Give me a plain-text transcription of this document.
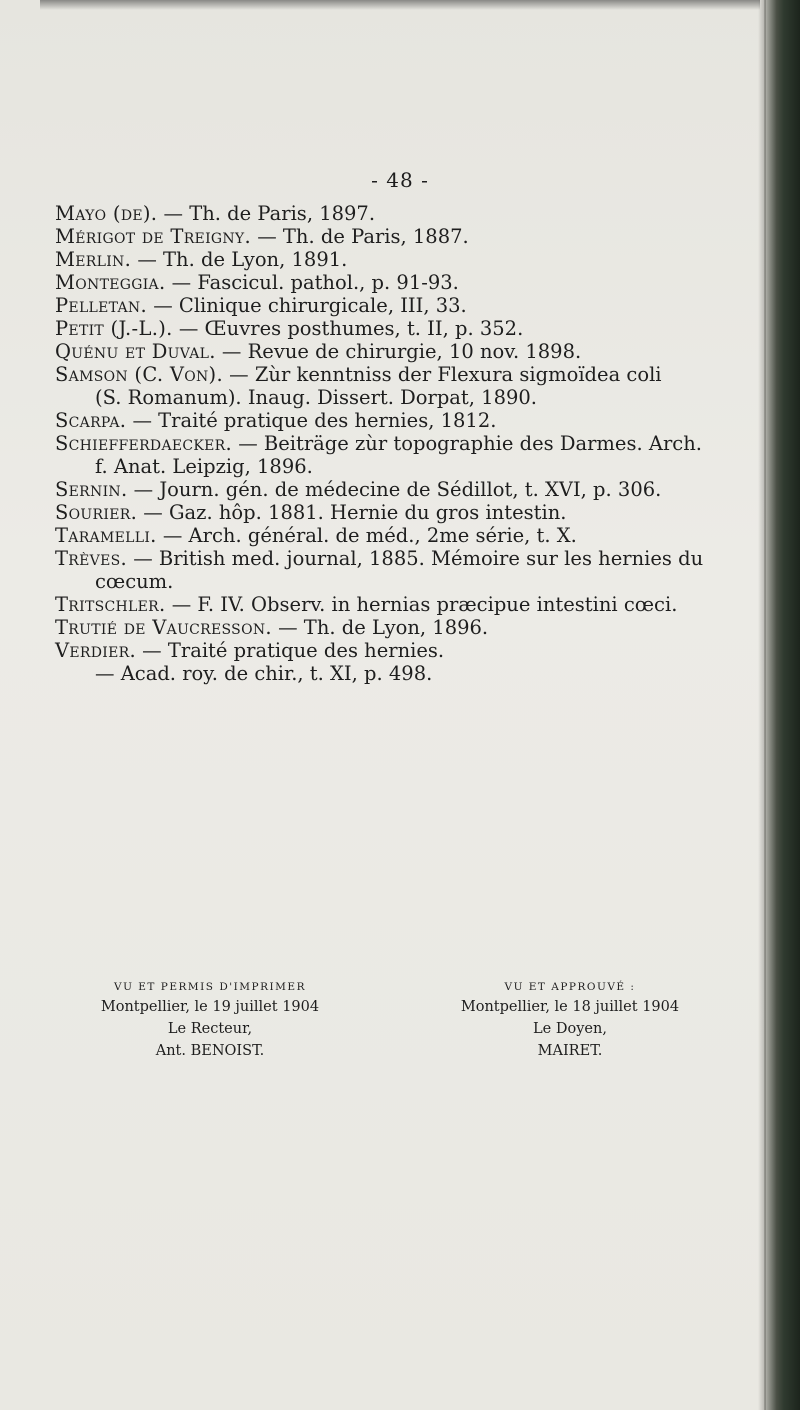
- 48 -

Mayo (de). — Th. de Paris, 1897.

Mérigot de Treigny. — Th. de Paris, 1887.

Merlin. — Th. de Lyon, 1891.

Monteggia. — Fascicul. pathol., p. 91-93.

Pelletan. — Clinique chirurgicale, III, 33.

Petit (J.-L.). — Œuvres posthumes, t. II, p. 352.

Quénu et Duval. — Revue de chirurgie, 10 nov. 1898.

Samson (C. Von). — Zùr kenntniss der Flexura sigmoïdea coli
(S. Romanum). Inaug. Dissert. Dorpat, 1890.

Scarpa. — Traité pratique des hernies, 1812.

Schiefferdaecker. — Beiträge zùr topographie des Darmes. Arch.
f. Anat. Leipzig, 1896.

Sernin. — Journ. gén. de médecine de Sédillot, t. XVI, p. 306.

Sourier. — Gaz. hôp. 1881. Hernie du gros intestin.

Taramelli. — Arch. général. de méd., 2me série, t. X.

Trèves. — British med. journal, 1885. Mémoire sur les hernies du
cœcum.

Tritschler. — F. IV. Observ. in hernias præcipue intestini cœci.

Trutié de Vaucresson. — Th. de Lyon, 1896.

Verdier. — Traité pratique des hernies.
— Acad. roy. de chir., t. XI, p. 498.

VU ET PERMIS D'IMPRIMER
Montpellier, le 19 juillet 1904
Le Recteur,
Ant. BENOIST.
VU ET APPROUVÉ :
Montpellier, le 18 juillet 1904
Le Doyen,
MAIRET.
